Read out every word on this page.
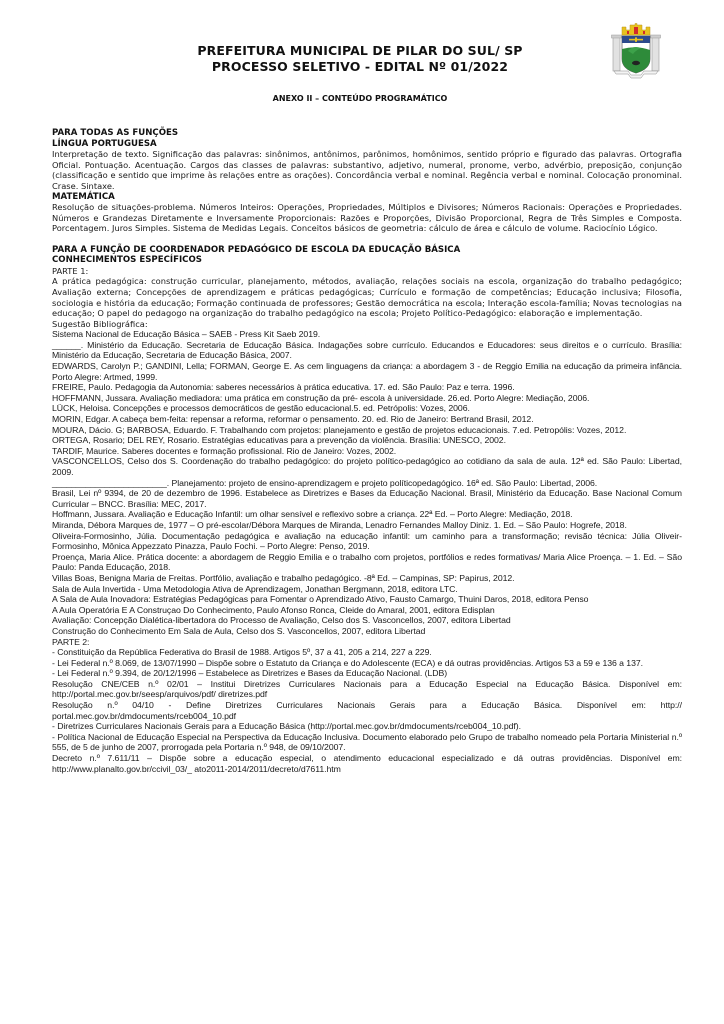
PREFEITURA MUNICIPAL DE PILAR DO SUL/ SP
PROCESSO SELETIVO - EDITAL Nº 01/2022
ANEXO II – CONTEÚDO PROGRAMÁTICO
PARA TODAS AS FUNÇÕES
LÍNGUA PORTUGUESA
Interpretação de texto. Significação das palavras: sinônimos, antônimos, parônimos, homônimos, sentido próprio e figurado das palavras. Ortografia Oficial. Pontuação. Acentuação. Cargos das classes de palavras: substantivo, adjetivo, numeral, pronome, verbo, advérbio, preposição, conjunção (classificação e sentido que imprime às relações entre as orações). Concordância verbal e nominal. Regência verbal e nominal. Colocação pronominal. Crase. Sintaxe.
MATEMÁTICA
Resolução de situações-problema. Números Inteiros: Operações, Propriedades, Múltiplos e Divisores; Números Racionais: Operações e Propriedades. Números e Grandezas Diretamente e Inversamente Proporcionais: Razões e Proporções, Divisão Proporcional, Regra de Três Simples e Composta. Porcentagem. Juros Simples. Sistema de Medidas Legais. Conceitos básicos de geometria: cálculo de área e cálculo de volume. Raciocínio Lógico.
PARA A FUNÇÃO DE COORDENADOR PEDAGÓGICO DE ESCOLA DA EDUCAÇÃO BÁSICA
CONHECIMENTOS ESPECÍFICOS
PARTE 1:
A prática pedagógica: construção curricular, planejamento, métodos, avaliação, relações sociais na escola, organização do trabalho pedagógico; Avaliação externa; Concepções de aprendizagem e práticas pedagógicas; Currículo e formação de competências; Educação inclusiva; Filosofia, sociologia e história da educação; Formação continuada de professores; Gestão democrática na escola; Interação escola-família; Novas tecnologias na educação; O papel do pedagogo na organização do trabalho pedagógico na escola; Projeto Político-Pedagógico: elaboração e implementação.
Sugestão Bibliográfica:
Sistema Nacional de Educação Básica – SAEB - Press Kit Saeb 2019.
______. Ministério da Educação. Secretaria de Educação Básica. Indagações sobre currículo. Educandos e Educadores: seus direitos e o currículo. Brasília: Ministério da Educação, Secretaria de Educação Básica, 2007.
EDWARDS, Carolyn P.; GANDINI, Lella; FORMAN, George E. As cem linguagens da criança: a abordagem 3 - de Reggio Emilia na educação da primeira infância. Porto Alegre: Artmed, 1999.
FREIRE, Paulo. Pedagogia da Autonomia: saberes necessários à prática educativa. 17. ed. São Paulo: Paz e terra. 1996.
HOFFMANN, Jussara. Avaliação mediadora: uma prática em construção da pré- escola à universidade. 26.ed. Porto Alegre: Mediação, 2006.
LÜCK, Heloisa. Concepções e processos democráticos de gestão educacional.5. ed. Petrópolis: Vozes, 2006.
MORIN, Edgar. A cabeça bem-feita: repensar a reforma, reformar o pensamento. 20. ed. Rio de Janeiro: Bertrand Brasil, 2012.
MOURA, Dácio. G; BARBOSA, Eduardo. F. Trabalhando com projetos: planejamento e gestão de projetos educacionais. 7.ed. Petropólis: Vozes, 2012.
ORTEGA, Rosario; DEL REY, Rosario. Estratégias educativas para a prevenção da violência. Brasília: UNESCO, 2002.
TARDIF, Maurice. Saberes docentes e formação profissional. Rio de Janeiro: Vozes, 2002.
VASCONCELLOS, Celso dos S. Coordenação do trabalho pedagógico: do projeto político-pedagógico ao cotidiano da sala de aula. 12ª ed. São Paulo: Libertad, 2009.
________________________. Planejamento: projeto de ensino-aprendizagem e projeto políticopedagógico. 16ª ed. São Paulo: Libertad, 2006.
Brasil, Lei nº 9394, de 20 de dezembro de 1996. Estabelece as Diretrizes e Bases da Educação Nacional. Brasil, Ministério da Educação. Base Nacional Comum Curricular – BNCC. Brasília: MEC, 2017.
Hoffmann, Jussara. Avaliação e Educação Infantil: um olhar sensível e reflexivo sobre a criança. 22ª Ed. – Porto Alegre: Mediação, 2018.
Miranda, Débora Marques de, 1977 – O pré-escolar/Débora Marques de Miranda, Lenadro Fernandes Malloy Diniz. 1. Ed. – São Paulo: Hogrefe, 2018.
Oliveira-Formosinho, Júlia. Documentação pedagógica e avaliação na educação infantil: um caminho para a transformação; revisão técnica: Júlia Oliveir-Formosinho, Mônica Appezzato Pinazza, Paulo Fochi. – Porto Alegre: Penso, 2019.
Proença, Maria Alice. Prática docente: a abordagem de Reggio Emilia e o trabalho com projetos, portfólios e redes formativas/ Maria Alice Proença. – 1. Ed. – São Paulo: Panda Educação, 2018.
Villas Boas, Benigna Maria de Freitas. Portfólio, avaliação e trabalho pedagógico. -8ª Ed. – Campinas, SP: Papirus, 2012.
Sala de Aula Invertida - Uma Metodologia Ativa de Aprendizagem, Jonathan Bergmann, 2018, editora LTC.
A Sala de Aula Inovadora: Estratégias Pedagógicas para Fomentar o Aprendizado Ativo, Fausto Camargo, Thuini Daros, 2018, editora Penso
A Aula Operatória E A Construçao Do Conhecimento, Paulo Afonso Ronca, Cleide do Amaral, 2001, editora Edisplan
Avaliação: Concepção Dialética-libertadora do Processo de Avaliação, Celso dos S. Vasconcellos, 2007, editora Libertad
Construção do Conhecimento Em Sala de Aula, Celso dos S. Vasconcellos, 2007, editora Libertad
PARTE 2:
- Constituição da República Federativa do Brasil de 1988. Artigos 5º, 37 a 41, 205 a 214, 227 a 229.
- Lei Federal n.º 8.069, de 13/07/1990 – Dispõe sobre o Estatuto da Criança e do Adolescente (ECA) e dá outras providências. Artigos 53 a 59 e 136 a 137.
- Lei Federal n.º 9.394, de 20/12/1996 – Estabelece as Diretrizes e Bases da Educação Nacional. (LDB)
Resolução CNE/CEB n.º 02/01 – Institui Diretrizes Curriculares Nacionais para a Educação Especial na Educação Básica. Disponível em: http://portal.mec.gov.br/seesp/arquivos/pdf/ diretrizes.pdf
Resolução n.º 04/10 - Define Diretrizes Curriculares Nacionais Gerais para a Educação Básica. Disponível em: http:// portal.mec.gov.br/dmdocuments/rceb004_10.pdf
- Diretrizes Curriculares Nacionais Gerais para a Educação Básica (http://portal.mec.gov.br/dmdocuments/rceb004_10.pdf).
- Política Nacional de Educação Especial na Perspectiva da Educação Inclusiva. Documento elaborado pelo Grupo de trabalho nomeado pela Portaria Ministerial n.º 555, de 5 de junho de 2007, prorrogada pela Portaria n.º 948, de 09/10/2007.
Decreto n.º 7.611/11 – Dispõe sobre a educação especial, o atendimento educacional especializado e dá outras providências. Disponível em: http://www.planalto.gov.br/ccivil_03/_ ato2011-2014/2011/decreto/d7611.htm
